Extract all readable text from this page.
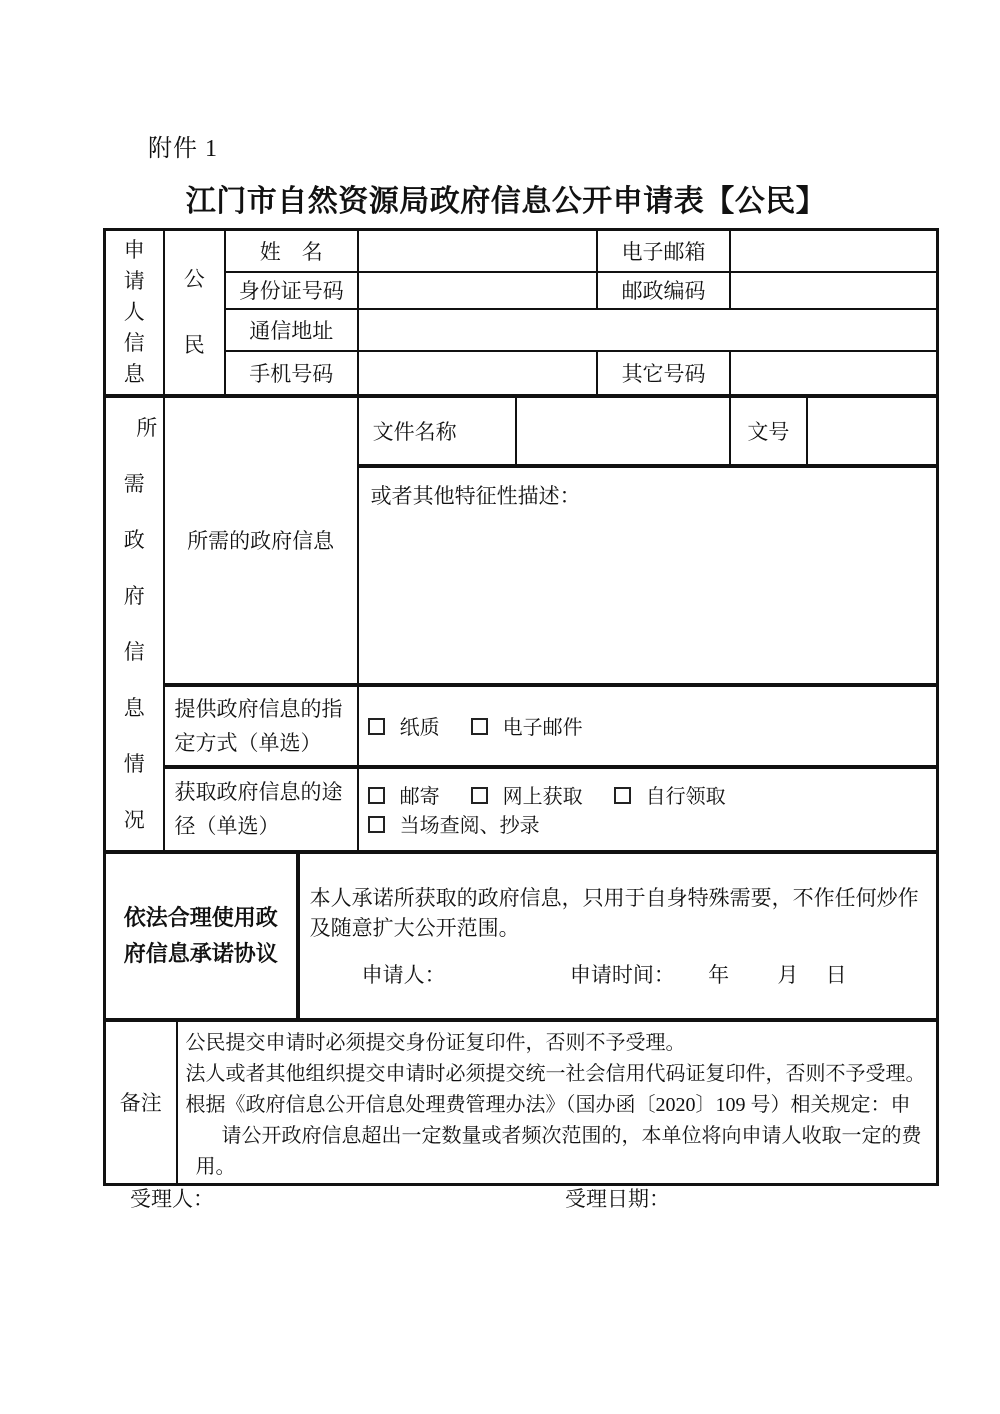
附件 1
江门市自然资源局政府信息公开申请表【公民】
申请人信息	公民		姓　名				电子邮箱		
			身份证号码				邮政编码		
			通信地址						
			手机号码				其它号码		

所需政府信息情况	所需的政府信息				文件名称			文号	
					或者其他特征性描述：				
	提供政府信息的指定方式（单选）				纸质 电子邮件				
	获取政府信息的途径（单选）				邮寄 网上获取 自行领取 当场查阅、抄录				
依法合理使用政府信息承诺协议				本人承诺所获取的政府信息，只用于自身特殊需要，不作任何炒作及随意扩大公开范围。
申请人： 申请时间： 年 月 日					

备注		公民提交申请时必须提交身份证复印件，否则不予受理。
法人或者其他组织提交申请时必须提交统一社会信用代码证复印件，否则不予受理。
根据《政府信息公开信息处理费管理办法》（国办函〔2020〕109 号）相关规定：申
请公开政府信息超出一定数量或者频次范围的，本单位将向申请人收取一定的费
用。							
受理人：	受理日期：
